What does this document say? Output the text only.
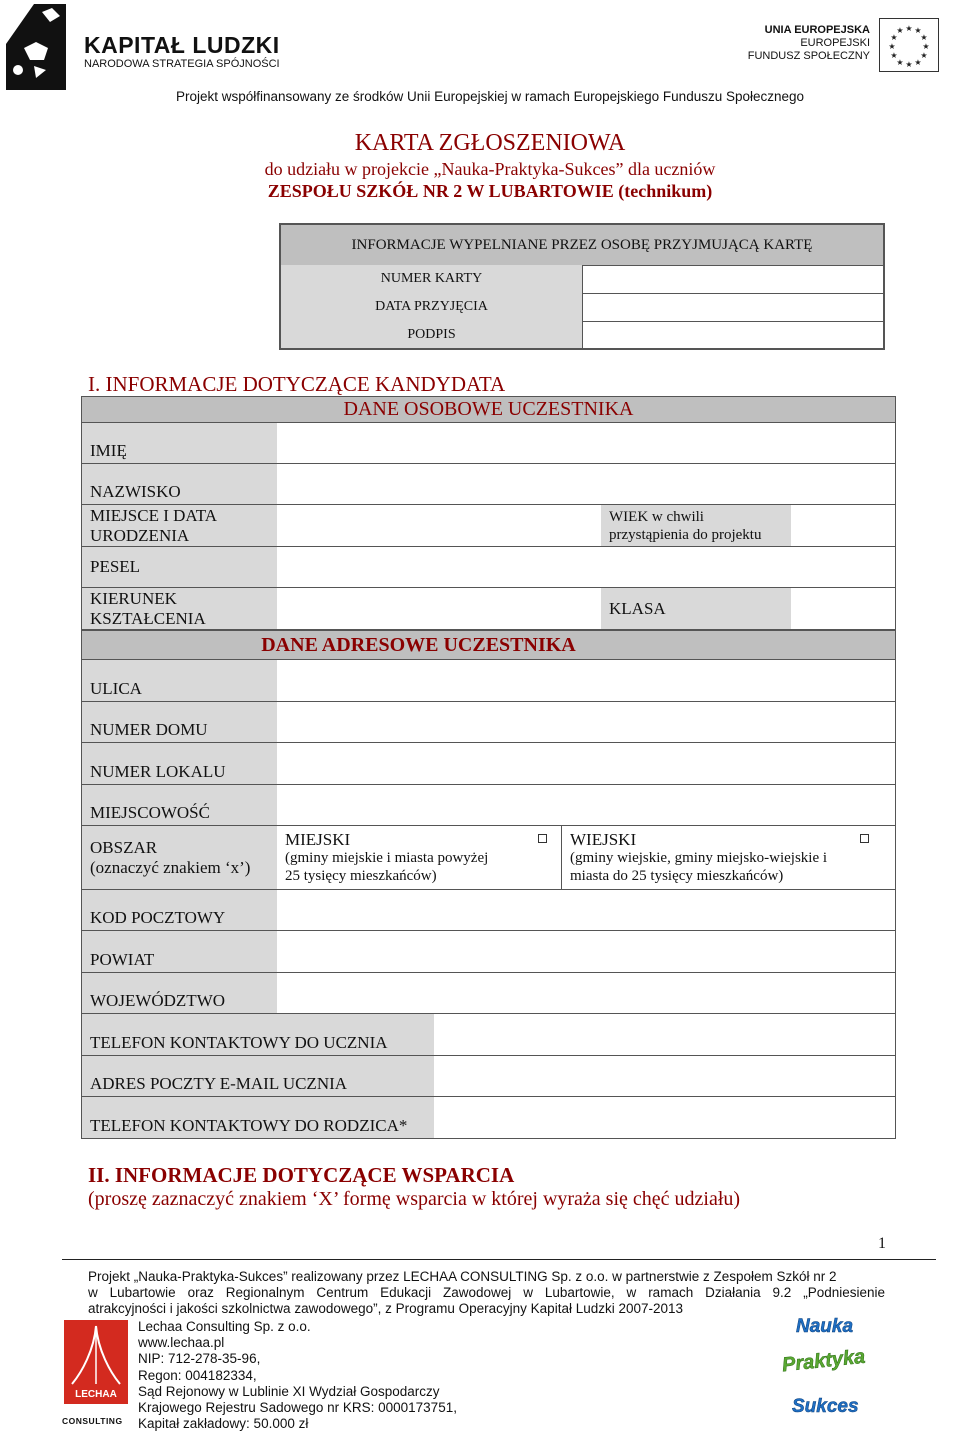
KAPITAŁ LUDZKI
NARODOWA STRATEGIA SPÓJNOŚCI
UNIA EUROPEJSKA
EUROPEJSKI
FUNDUSZ SPOŁECZNY
★ ★
★
★
★
★
★
★
★
★
★
★
Projekt współfinansowany ze środków Unii Europejskiej w ramach Europejskiego Funduszu Społecznego
KARTA ZGŁOSZENIOWA
do udziału w projekcie „Nauka-Praktyka-Sukces” dla uczniów
ZESPOŁU SZKÓŁ NR 2 W LUBARTOWIE (technikum)
INFORMACJE WYPELNIANE PRZEZ OSOBĘ PRZYJMUJĄCĄ KARTĘ
NUMER KARTY
DATA PRZYJĘCIA
PODPIS
I. INFORMACJE DOTYCZĄCE KANDYDATA
DANE OSOBOWE UCZESTNIKA
IMIĘ
NAZWISKO
MIEJSCE I DATA
URODZENIA
WIEK w chwili
przystąpienia do projektu
PESEL
KIERUNEK
KSZTAŁCENIA
KLASA
DANE ADRESOWE UCZESTNIKA
ULICA
NUMER DOMU
NUMER LOKALU
MIEJSCOWOŚĆ
OBSZAR
(oznaczyć znakiem ‘x’)
MIEJSKI
(gminy miejskie i miasta powyżej
25 tysięcy mieszkańców)
WIEJSKI
(gminy wiejskie, gminy miejsko-wiejskie i
miasta do 25 tysięcy mieszkańców)
KOD POCZTOWY
POWIAT
WOJEWÓDZTWO
TELEFON KONTAKTOWY DO UCZNIA
ADRES POCZTY E-MAIL UCZNIA
TELEFON KONTAKTOWY DO RODZICA*
II. INFORMACJE DOTYCZĄCE WSPARCIA
(proszę zaznaczyć znakiem ‘X’ formę wsparcia w której wyraża się chęć udziału)
1
Projekt „Nauka-Praktyka-Sukces” realizowany przez LECHAA CONSULTING Sp. z o.o. w partnerstwie z Zespołem Szkół nr 2
w Lubartowie oraz Regionalnym Centrum Edukacji Zawodowej w Lubartowie, w ramach Działania 9.2 „Podniesienie
atrakcyjności i jakości szkolnictwa zawodowego”, z Programu Operacyjny Kapitał Ludzki 2007-2013
Lechaa Consulting Sp. z o.o.
www.lechaa.pl
NIP: 712-278-35-96,
Regon: 004182334,
Sąd Rejonowy w Lublinie XI Wydział Gospodarczy
Krajowego Rejestru Sadowego nr KRS: 0000173751,
Kapitał zakładowy: 50.000 zł
LECHAA
CONSULTING
Nauka
Praktyka
Sukces
